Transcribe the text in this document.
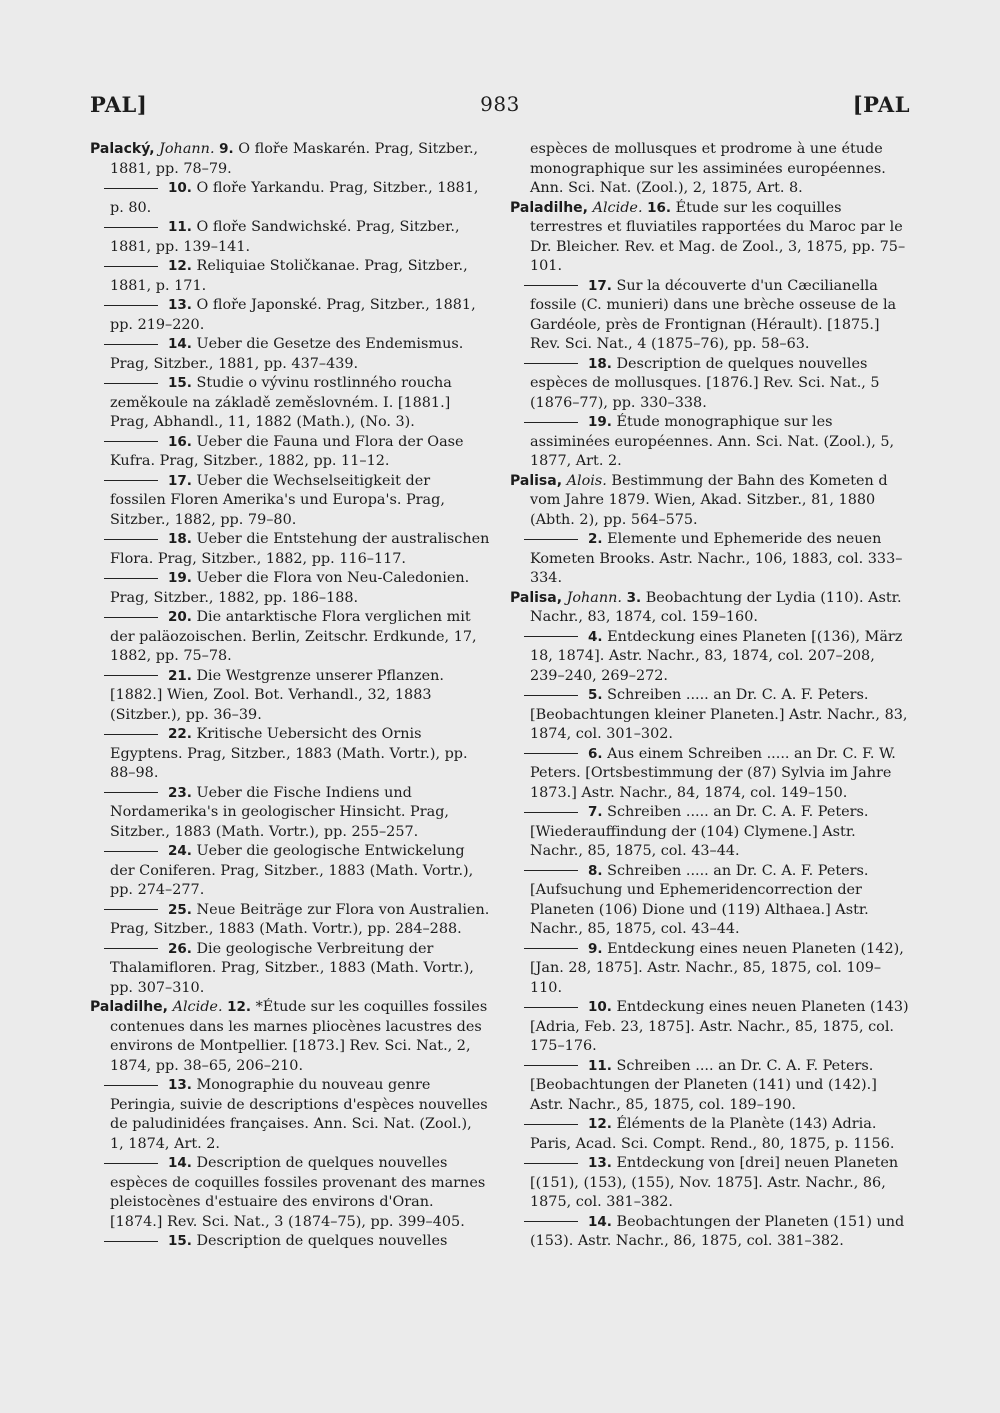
PAL]	983	[PAL

Palacký, Johann. 9. O floře Maskarén. Prag, Sitzber., 1881, pp. 78–79.

10. O floře Yarkandu. Prag, Sitzber., 1881, p. 80.

11. O floře Sandwichské. Prag, Sitzber., 1881, pp. 139–141.

12. Reliquiae Stoličkanae. Prag, Sitzber., 1881, p. 171.

13. O floře Japonské. Prag, Sitzber., 1881, pp. 219–220.

14. Ueber die Gesetze des Endemismus. Prag, Sitzber., 1881, pp. 437–439.

15. Studie o vývinu rostlinného roucha zeměkoule na základě zeměslovném. I. [1881.] Prag, Abhandl., 11, 1882 (Math.), (No. 3).

16. Ueber die Fauna und Flora der Oase Kufra. Prag, Sitzber., 1882, pp. 11–12.

17. Ueber die Wechselseitigkeit der fossilen Floren Amerika's und Europa's. Prag, Sitzber., 1882, pp. 79–80.

18. Ueber die Entstehung der australischen Flora. Prag, Sitzber., 1882, pp. 116–117.

19. Ueber die Flora von Neu-Caledonien. Prag, Sitzber., 1882, pp. 186–188.

20. Die antarktische Flora verglichen mit der paläozoischen. Berlin, Zeitschr. Erdkunde, 17, 1882, pp. 75–78.

21. Die Westgrenze unserer Pflanzen. [1882.] Wien, Zool. Bot. Verhandl., 32, 1883 (Sitzber.), pp. 36–39.

22. Kritische Uebersicht des Ornis Egyptens. Prag, Sitzber., 1883 (Math. Vortr.), pp. 88–98.

23. Ueber die Fische Indiens und Nordamerika's in geologischer Hinsicht. Prag, Sitzber., 1883 (Math. Vortr.), pp. 255–257.

24. Ueber die geologische Entwickelung der Coniferen. Prag, Sitzber., 1883 (Math. Vortr.), pp. 274–277.

25. Neue Beiträge zur Flora von Australien. Prag, Sitzber., 1883 (Math. Vortr.), pp. 284–288.

26. Die geologische Verbreitung der Thalamifloren. Prag, Sitzber., 1883 (Math. Vortr.), pp. 307–310.

Paladilhe, Alcide. 12. *Étude sur les coquilles fossiles contenues dans les marnes pliocènes lacustres des environs de Montpellier. [1873.] Rev. Sci. Nat., 2, 1874, pp. 38–65, 206–210.

13. Monographie du nouveau genre Peringia, suivie de descriptions d'espèces nouvelles de paludinidées françaises. Ann. Sci. Nat. (Zool.), 1, 1874, Art. 2.

14. Description de quelques nouvelles espèces de coquilles fossiles provenant des marnes pleistocènes d'estuaire des environs d'Oran. [1874.] Rev. Sci. Nat., 3 (1874–75), pp. 399–405.

15. Description de quelques nouvelles

espèces de mollusques et prodrome à une étude monographique sur les assiminées européennes. Ann. Sci. Nat. (Zool.), 2, 1875, Art. 8.

Paladilhe, Alcide. 16. Étude sur les coquilles terrestres et fluviatiles rapportées du Maroc par le Dr. Bleicher. Rev. et Mag. de Zool., 3, 1875, pp. 75–101.

17. Sur la découverte d'un Cæcilianella fossile (C. munieri) dans une brèche osseuse de la Gardéole, près de Frontignan (Hérault). [1875.] Rev. Sci. Nat., 4 (1875–76), pp. 58–63.

18. Description de quelques nouvelles espèces de mollusques. [1876.] Rev. Sci. Nat., 5 (1876–77), pp. 330–338.

19. Étude monographique sur les assiminées européennes. Ann. Sci. Nat. (Zool.), 5, 1877, Art. 2.

Palisa, Alois. Bestimmung der Bahn des Kometen d vom Jahre 1879. Wien, Akad. Sitzber., 81, 1880 (Abth. 2), pp. 564–575.

2. Elemente und Ephemeride des neuen Kometen Brooks. Astr. Nachr., 106, 1883, col. 333–334.

Palisa, Johann. 3. Beobachtung der Lydia (110). Astr. Nachr., 83, 1874, col. 159–160.

4. Entdeckung eines Planeten [(136), März 18, 1874]. Astr. Nachr., 83, 1874, col. 207–208, 239–240, 269–272.

5. Schreiben ..... an Dr. C. A. F. Peters. [Beobachtungen kleiner Planeten.] Astr. Nachr., 83, 1874, col. 301–302.

6. Aus einem Schreiben ..... an Dr. C. F. W. Peters. [Ortsbestimmung der (87) Sylvia im Jahre 1873.] Astr. Nachr., 84, 1874, col. 149–150.

7. Schreiben ..... an Dr. C. A. F. Peters. [Wiederauffindung der (104) Clymene.] Astr. Nachr., 85, 1875, col. 43–44.

8. Schreiben ..... an Dr. C. A. F. Peters. [Aufsuchung und Ephemeridencorrection der Planeten (106) Dione und (119) Althaea.] Astr. Nachr., 85, 1875, col. 43–44.

9. Entdeckung eines neuen Planeten (142), [Jan. 28, 1875]. Astr. Nachr., 85, 1875, col. 109–110.

10. Entdeckung eines neuen Planeten (143) [Adria, Feb. 23, 1875]. Astr. Nachr., 85, 1875, col. 175–176.

11. Schreiben .... an Dr. C. A. F. Peters. [Beobachtungen der Planeten (141) und (142).] Astr. Nachr., 85, 1875, col. 189–190.

12. Éléments de la Planète (143) Adria. Paris, Acad. Sci. Compt. Rend., 80, 1875, p. 1156.

13. Entdeckung von [drei] neuen Planeten [(151), (153), (155), Nov. 1875]. Astr. Nachr., 86, 1875, col. 381–382.

14. Beobachtungen der Planeten (151) und (153). Astr. Nachr., 86, 1875, col. 381–382.
